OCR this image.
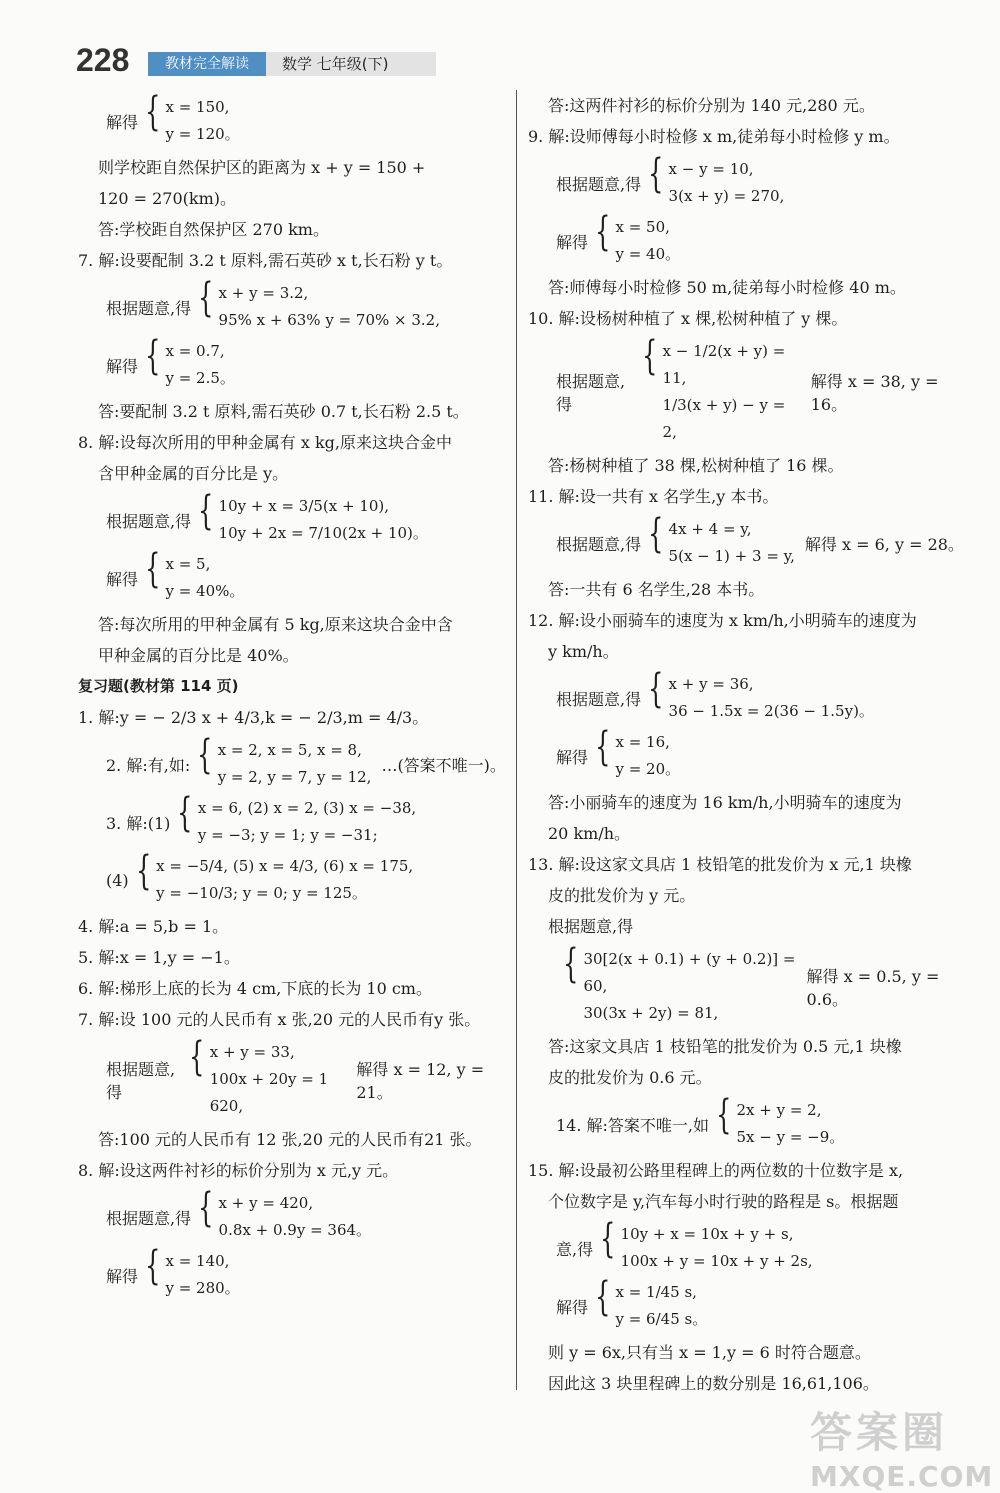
228	教材完全解读	数学 七年级(下)
解得 { x = 150,
y = 120。
则学校距自然保护区的距离为 x + y = 150 +
120 = 270(km)。
答:学校距自然保护区 270 km。
7. 解:设要配制 3.2 t 原料,需石英砂 x t,长石粉 y t。
根据题意,得 { x + y = 3.2,
95% x + 63% y = 70% × 3.2,
解得 { x = 0.7,
y = 2.5。
答:要配制 3.2 t 原料,需石英砂 0.7 t,长石粉 2.5 t。
8. 解:设每次所用的甲种金属有 x kg,原来这块合金中
含甲种金属的百分比是 y。
根据题意,得 { 10y + x = 3/5(x + 10),
10y + 2x = 7/10(2x + 10)。
解得 { x = 5,
y = 40%。
答:每次所用的甲种金属有 5 kg,原来这块合金中含
甲种金属的百分比是 40%。
复习题(教材第 114 页)
1. 解:y = − 2/3 x + 4/3,k = − 2/3,m = 4/3。
2. 解:有,如: { x = 2, x = 5, x = 8,
y = 2, y = 7, y = 12,
…(答案不唯一)。
3. 解:(1) { x = 6, (2) x = 2, (3) x = −38,
y = −3; y = 1; y = −31;
(4) { x = −5/4, (5) x = 4/3, (6) x = 175,
y = −10/3; y = 0; y = 125。
4. 解:a = 5,b = 1。
5. 解:x = 1,y = −1。
6. 解:梯形上底的长为 4 cm,下底的长为 10 cm。
7. 解:设 100 元的人民币有 x 张,20 元的人民币有y 张。
根据题意,得
{ x + y = 33,
100x + 20y = 1 620,
解得 x = 12, y = 21。
答:100 元的人民币有 12 张,20 元的人民币有21 张。
8. 解:设这两件衬衫的标价分别为 x 元,y 元。
根据题意,得 { x + y = 420,
0.8x + 0.9y = 364。
解得 { x = 140,
y = 280。
答:这两件衬衫的标价分别为 140 元,280 元。
9. 解:设师傅每小时检修 x m,徒弟每小时检修 y m。
根据题意,得 { x − y = 10,
3(x + y) = 270,
解得 { x = 50,
y = 40。
答:师傅每小时检修 50 m,徒弟每小时检修 40 m。
10. 解:设杨树种植了 x 棵,松树种植了 y 棵。
根据题意,得
{ x − 1/2(x + y) = 11,
1/3(x + y) − y = 2,
解得 x = 38, y = 16。
答:杨树种植了 38 棵,松树种植了 16 棵。
11. 解:设一共有 x 名学生,y 本书。
根据题意,得 { 4x + 4 = y,
5(x − 1) + 3 = y,
解得 x = 6, y = 28。
答:一共有 6 名学生,28 本书。
12. 解:设小丽骑车的速度为 x km/h,小明骑车的速度为
y km/h。
根据题意,得 { x + y = 36,
36 − 1.5x = 2(36 − 1.5y)。
解得 { x = 16,
y = 20。
答:小丽骑车的速度为 16 km/h,小明骑车的速度为
20 km/h。
13. 解:设这家文具店 1 枝铅笔的批发价为 x 元,1 块橡
皮的批发价为 y 元。
根据题意,得
{ 30[2(x + 0.1) + (y + 0.2)] = 60,
30(3x + 2y) = 81,
解得 x = 0.5, y = 0.6。
答:这家文具店 1 枝铅笔的批发价为 0.5 元,1 块橡
皮的批发价为 0.6 元。
14. 解:答案不唯一,如 { 2x + y = 2,
5x − y = −9。
15. 解:设最初公路里程碑上的两位数的十位数字是 x,
个位数字是 y,汽车每小时行驶的路程是 s。根据题
意,得 { 10y + x = 10x + y + s,
100x + y = 10x + y + 2s,
解得 { x = 1/45 s,
y = 6/45 s。
则 y = 6x,只有当 x = 1,y = 6 时符合题意。
因此这 3 块里程碑上的数分别是 16,61,106。
答案圈
MXQE.COM
